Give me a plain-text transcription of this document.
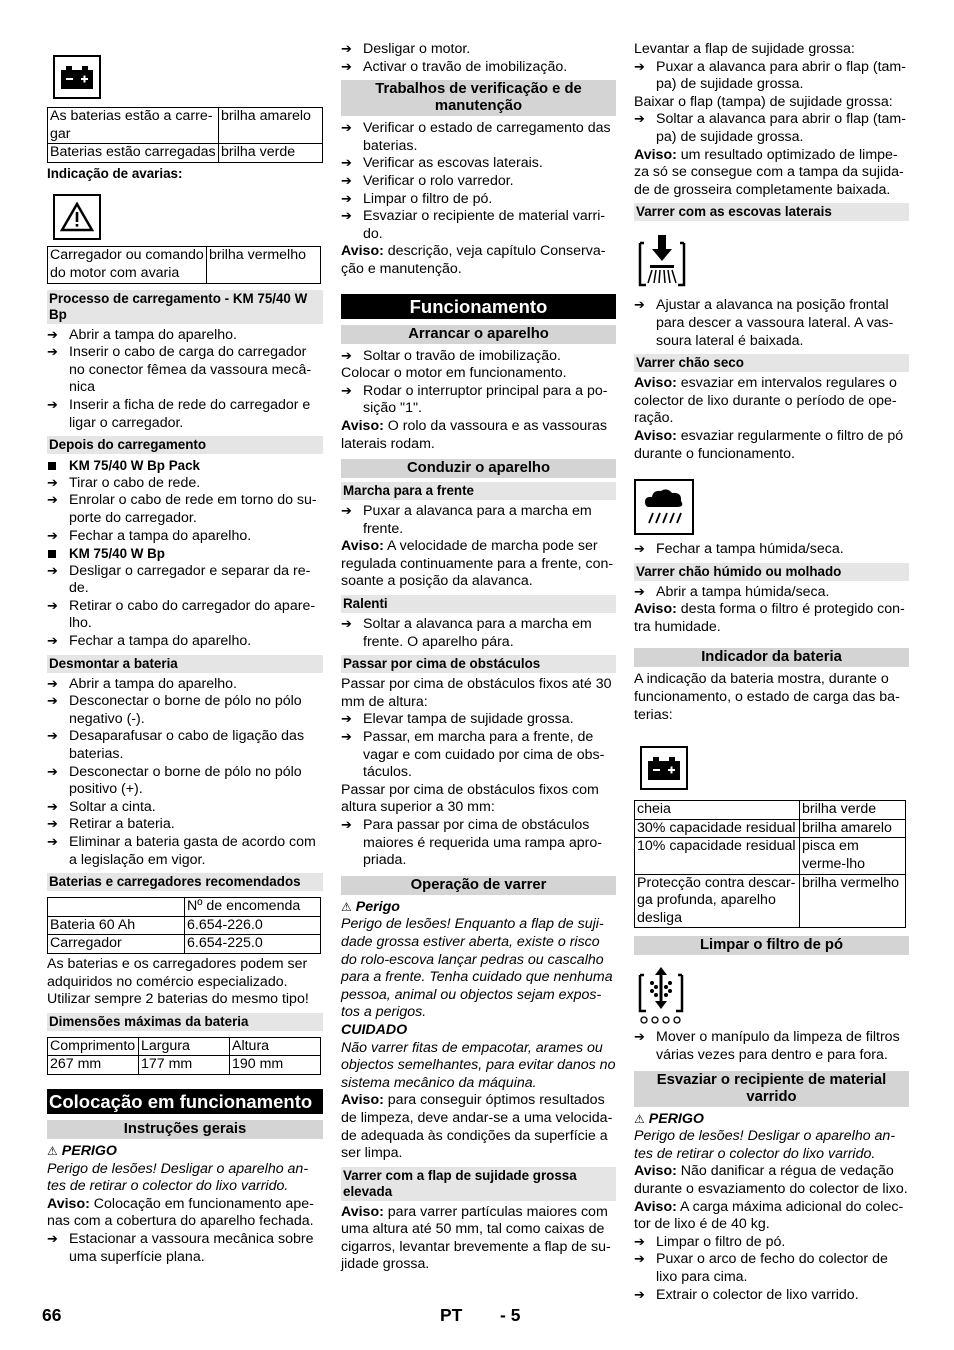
As baterias estão a carre-gar	brilha amarelo
Baterias estão carregadas	brilha verde

Indicação de avarias:

Carregador ou comando do motor com avaria	brilha vermelho
Processo de carregamento - KM 75/40 W Bp

➔ Abrir a tampa do aparelho.

➔ Inserir o cabo de carga do carregador no conector fêmea da vassoura mecâ-nica

➔ Inserir a ficha de rede do carregador e ligar o carregador.

Depois do carregamento

KM 75/40 W Bp Pack

➔ Tirar o cabo de rede.

➔ Enrolar o cabo de rede em torno do su-porte do carregador.

➔ Fechar a tampa do aparelho.

KM 75/40 W Bp

➔ Desligar o carregador e separar da re-de.

➔ Retirar o cabo do carregador do apare-lho.

➔ Fechar a tampa do aparelho.

Desmontar a bateria

➔ Abrir a tampa do aparelho.

➔ Desconectar o borne de pólo no pólo negativo (-).

➔ Desaparafusar o cabo de ligação das baterias.

➔ Desconectar o borne de pólo no pólo positivo (+).

➔ Soltar a cinta.

➔ Retirar a bateria.

➔ Eliminar a bateria gasta de acordo com a legislação em vigor.

Baterias e carregadores recomendados
	Nº de encomenda
Bateria 60 Ah	6.654-226.0
Carregador	6.654-225.0

As baterias e os carregadores podem ser adquiridos no comércio especializado.

Utilizar sempre 2 baterias do mesmo tipo!

Dimensões máximas da bateria
Comprimento	Largura	Altura
267 mm	177 mm	190 mm
Colocação em funcionamento
Instruções gerais

⚠ PERIGO

Perigo de lesões! Desligar o aparelho an-tes de retirar o colector do lixo varrido.

Aviso: Colocação em funcionamento ape-nas com a cobertura do aparelho fechada.

➔ Estacionar a vassoura mecânica sobre uma superfície plana.

➔ Desligar o motor.

➔ Activar o travão de imobilização.

Trabalhos de verificação e de manutenção

➔ Verificar o estado de carregamento das baterias.

➔ Verificar as escovas laterais.

➔ Verificar o rolo varredor.

➔ Limpar o filtro de pó.

➔ Esvaziar o recipiente de material varri-do.

Aviso: descrição, veja capítulo Conserva-ção e manutenção.

Funcionamento
Arrancar o aparelho

➔ Soltar o travão de imobilização.

Colocar o motor em funcionamento.

➔ Rodar o interruptor principal para a po-sição "1".

Aviso: O rolo da vassoura e as vassouras laterais rodam.

Conduzir o aparelho
Marcha para a frente

➔ Puxar a alavanca para a marcha em frente.

Aviso: A velocidade de marcha pode ser regulada continuamente para a frente, con-soante a posição da alavanca.

Ralenti

➔ Soltar a alavanca para a marcha em frente. O aparelho pára.

Passar por cima de obstáculos

Passar por cima de obstáculos fixos até 30 mm de altura:

➔ Elevar tampa de sujidade grossa.

➔ Passar, em marcha para a frente, de vagar e com cuidado por cima de obs-táculos.

Passar por cima de obstáculos fixos com altura superior a 30 mm:

➔ Para passar por cima de obstáculos maiores é requerida uma rampa apro-priada.

Operação de varrer

⚠ Perigo

Perigo de lesões! Enquanto a flap de suji-dade grossa estiver aberta, existe o risco do rolo-escova lançar pedras ou cascalho para a frente. Tenha cuidado que nenhuma pessoa, animal ou objectos sejam expos-tos a perigos.

CUIDADO

Não varrer fitas de empacotar, arames ou objectos semelhantes, para evitar danos no sistema mecânico da máquina.

Aviso: para conseguir óptimos resultados de limpeza, deve andar-se a uma velocida-de adequada às condições da superfície a ser limpa.

Varrer com a flap de sujidade grossa elevada

Aviso: para varrer partículas maiores com uma altura até 50 mm, tal como caixas de cigarros, levantar brevemente a flap de su-jidade grossa.

Levantar a flap de sujidade grossa:

➔ Puxar a alavanca para abrir o flap (tam-pa) de sujidade grossa.

Baixar o flap (tampa) de sujidade grossa:

➔ Soltar a alavanca para abrir o flap (tam-pa) de sujidade grossa.

Aviso: um resultado optimizado de limpe-za só se consegue com a tampa da sujida-de de grosseira completamente baixada.

Varrer com as escovas laterais

➔ Ajustar a alavanca na posição frontal para descer a vassoura lateral. A vas-soura lateral é baixada.

Varrer chão seco

Aviso: esvaziar em intervalos regulares o colector de lixo durante o período de ope-ração.

Aviso: esvaziar regularmente o filtro de pó durante o funcionamento.

➔ Fechar a tampa húmida/seca.

Varrer chão húmido ou molhado

➔ Abrir a tampa húmida/seca.

Aviso: desta forma o filtro é protegido con-tra humidade.

Indicador da bateria

A indicação da bateria mostra, durante o funcionamento, o estado de carga das ba-terias:

cheia	brilha verde
30% capacidade residual	brilha amarelo
10% capacidade residual	pisca em verme-lho
Protecção contra descar-ga profunda, aparelho desliga	brilha vermelho
Limpar o filtro de pó

➔ Mover o manípulo da limpeza de filtros várias vezes para dentro e para fora.

Esvaziar o recipiente de material varrido

⚠ PERIGO

Perigo de lesões! Desligar o aparelho an-tes de retirar o colector do lixo varrido.

Aviso: Não danificar a régua de vedação durante o esvaziamento do colector de lixo.

Aviso: A carga máxima adicional do colec-tor de lixo é de 40 kg.

➔ Limpar o filtro de pó.

➔ Puxar o arco de fecho do colector de lixo para cima.

➔ Extrair o colector de lixo varrido.

66	PT - 5
